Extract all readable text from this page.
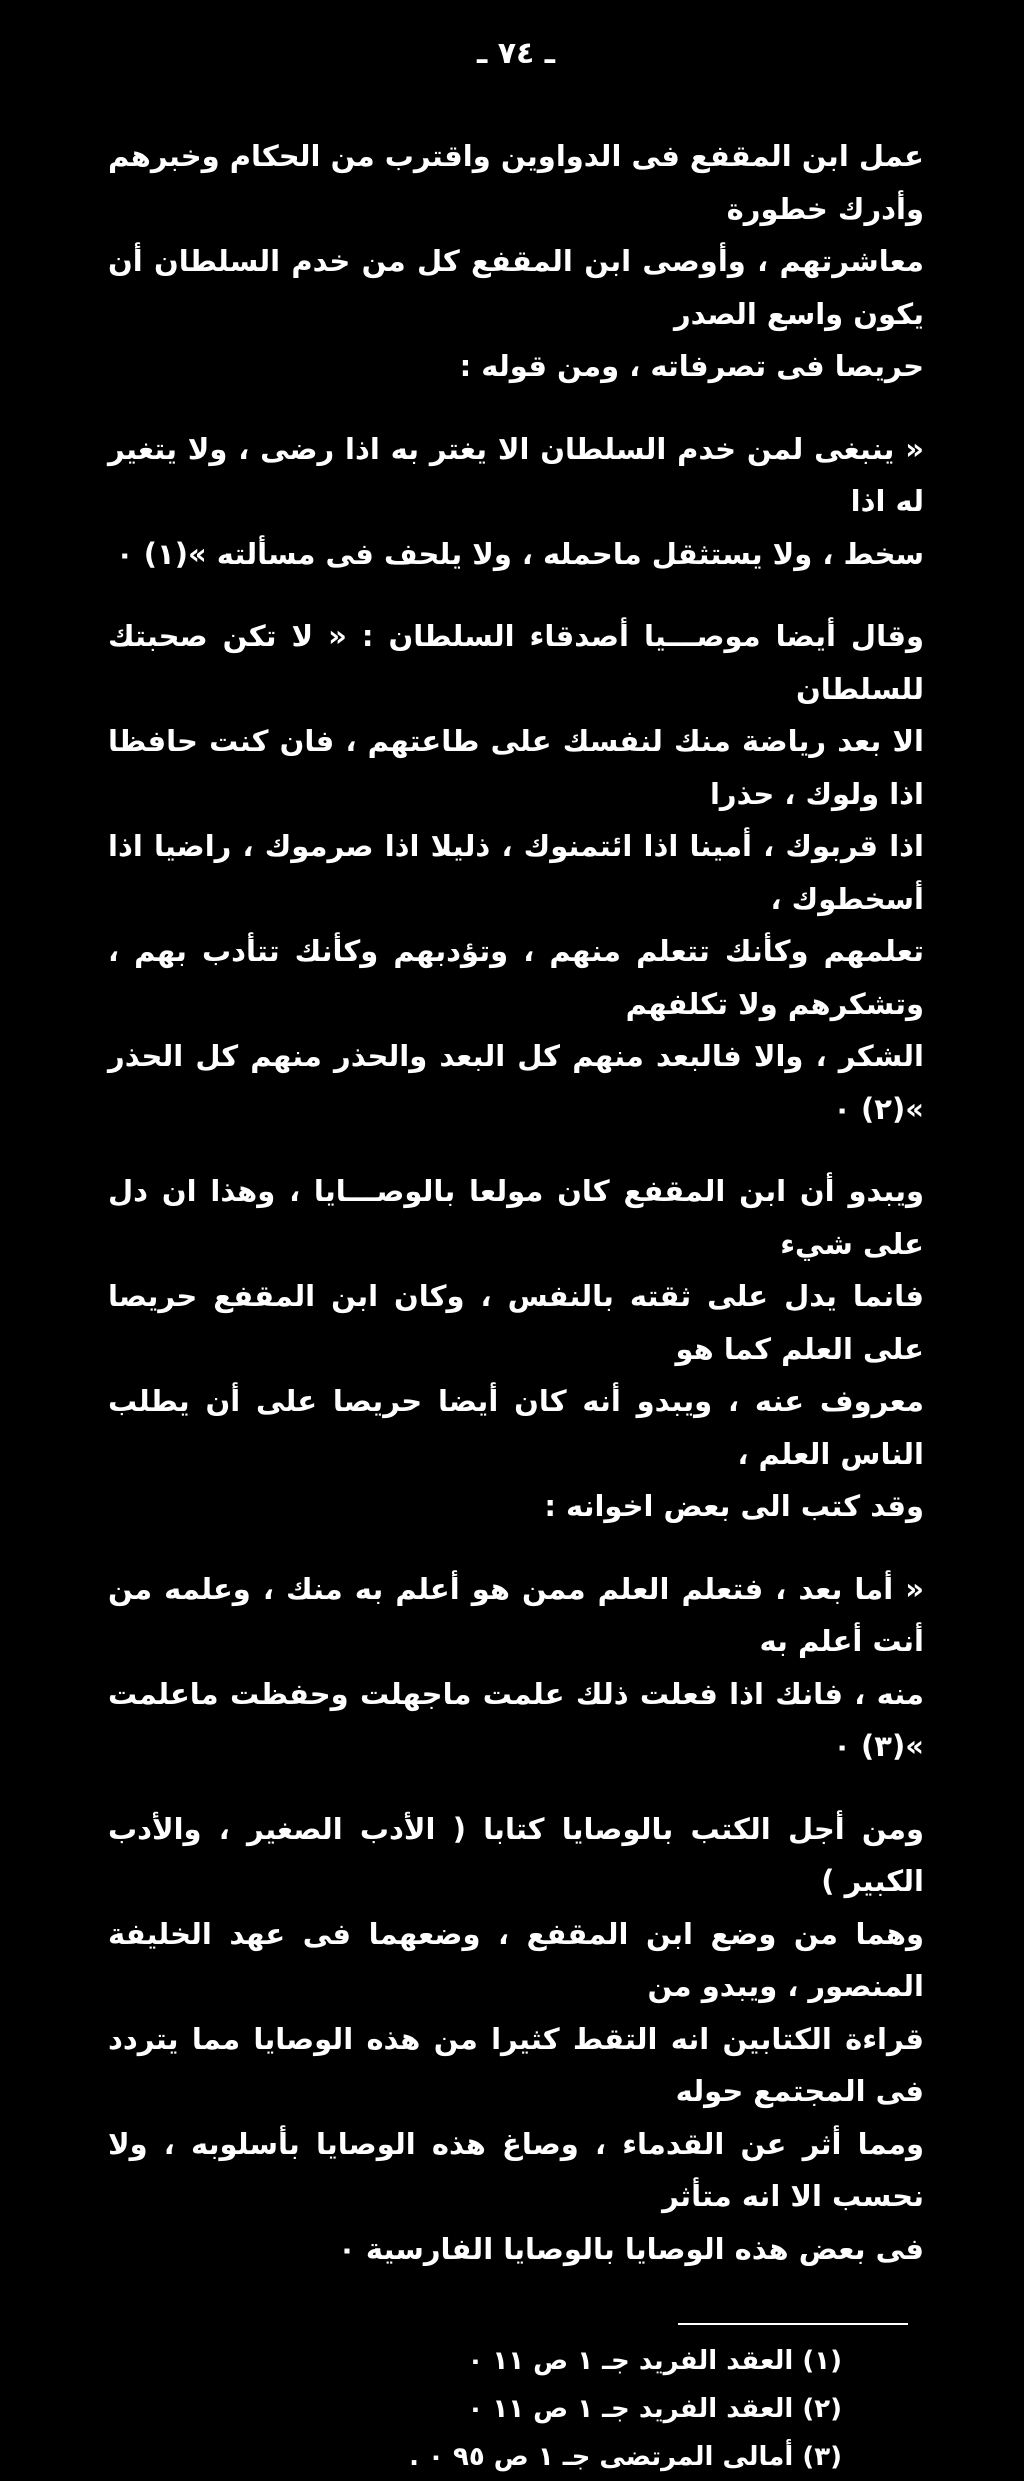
ـ ٧٤ ـ

عمل ابن المقفع فى الدواوين واقترب من الحكام وخبرهم وأدرك خطورة
معاشرتهم ، وأوصى ابن المقفع كل من خدم السلطان أن يكون واسع الصدر
حريصا فى تصرفاته ، ومن قوله :

« ينبغى لمن خدم السلطان الا يغتر به اذا رضى ، ولا يتغير له اذا
سخط ، ولا يستثقل ماحمله ، ولا يلحف فى مسألته »(١) ٠

وقال أيضا موصـــيا أصدقاء السلطان : « لا تكن صحبتك للسلطان
الا بعد رياضة منك لنفسك على طاعتهم ، فان كنت حافظا اذا ولوك ، حذرا
اذا قربوك ، أمينا اذا ائتمنوك ، ذليلا اذا صرموك ، راضيا اذا أسخطوك ،
تعلمهم وكأنك تتعلم منهم ، وتؤدبهم وكأنك تتأدب بهم ، وتشكرهم ولا تكلفهم
الشكر ، والا فالبعد منهم كل البعد والحذر منهم كل الحذر »(٢) ٠

ويبدو أن ابن المقفع كان مولعا بالوصـــايا ، وهذا ان دل على شيء
فانما يدل على ثقته بالنفس ، وكان ابن المقفع حريصا على العلم كما هو
معروف عنه ، ويبدو أنه كان أيضا حريصا على أن يطلب الناس العلم ،
وقد كتب الى بعض اخوانه :

« أما بعد ، فتعلم العلم ممن هو أعلم به منك ، وعلمه من أنت أعلم به
منه ، فانك اذا فعلت ذلك علمت ماجهلت وحفظت ماعلمت »(٣) ٠

ومن أجل الكتب بالوصايا كتابا ( الأدب الصغير ، والأدب الكبير )
وهما من وضع ابن المقفع ، وضعهما فى عهد الخليفة المنصور ، ويبدو من
قراءة الكتابين انه التقط كثيرا من هذه الوصايا مما يتردد فى المجتمع حوله
ومما أثر عن القدماء ، وصاغ هذه الوصايا بأسلوبه ، ولا نحسب الا انه متأثر
فى بعض هذه الوصايا بالوصايا الفارسية ٠

(١) العقد الفريد جـ ١ ص ١١ ٠
(٢) العقد الفريد جـ ١ ص ١١ ٠
(٣) أمالى المرتضى جـ ١ ص ٩٥ ٠ .
